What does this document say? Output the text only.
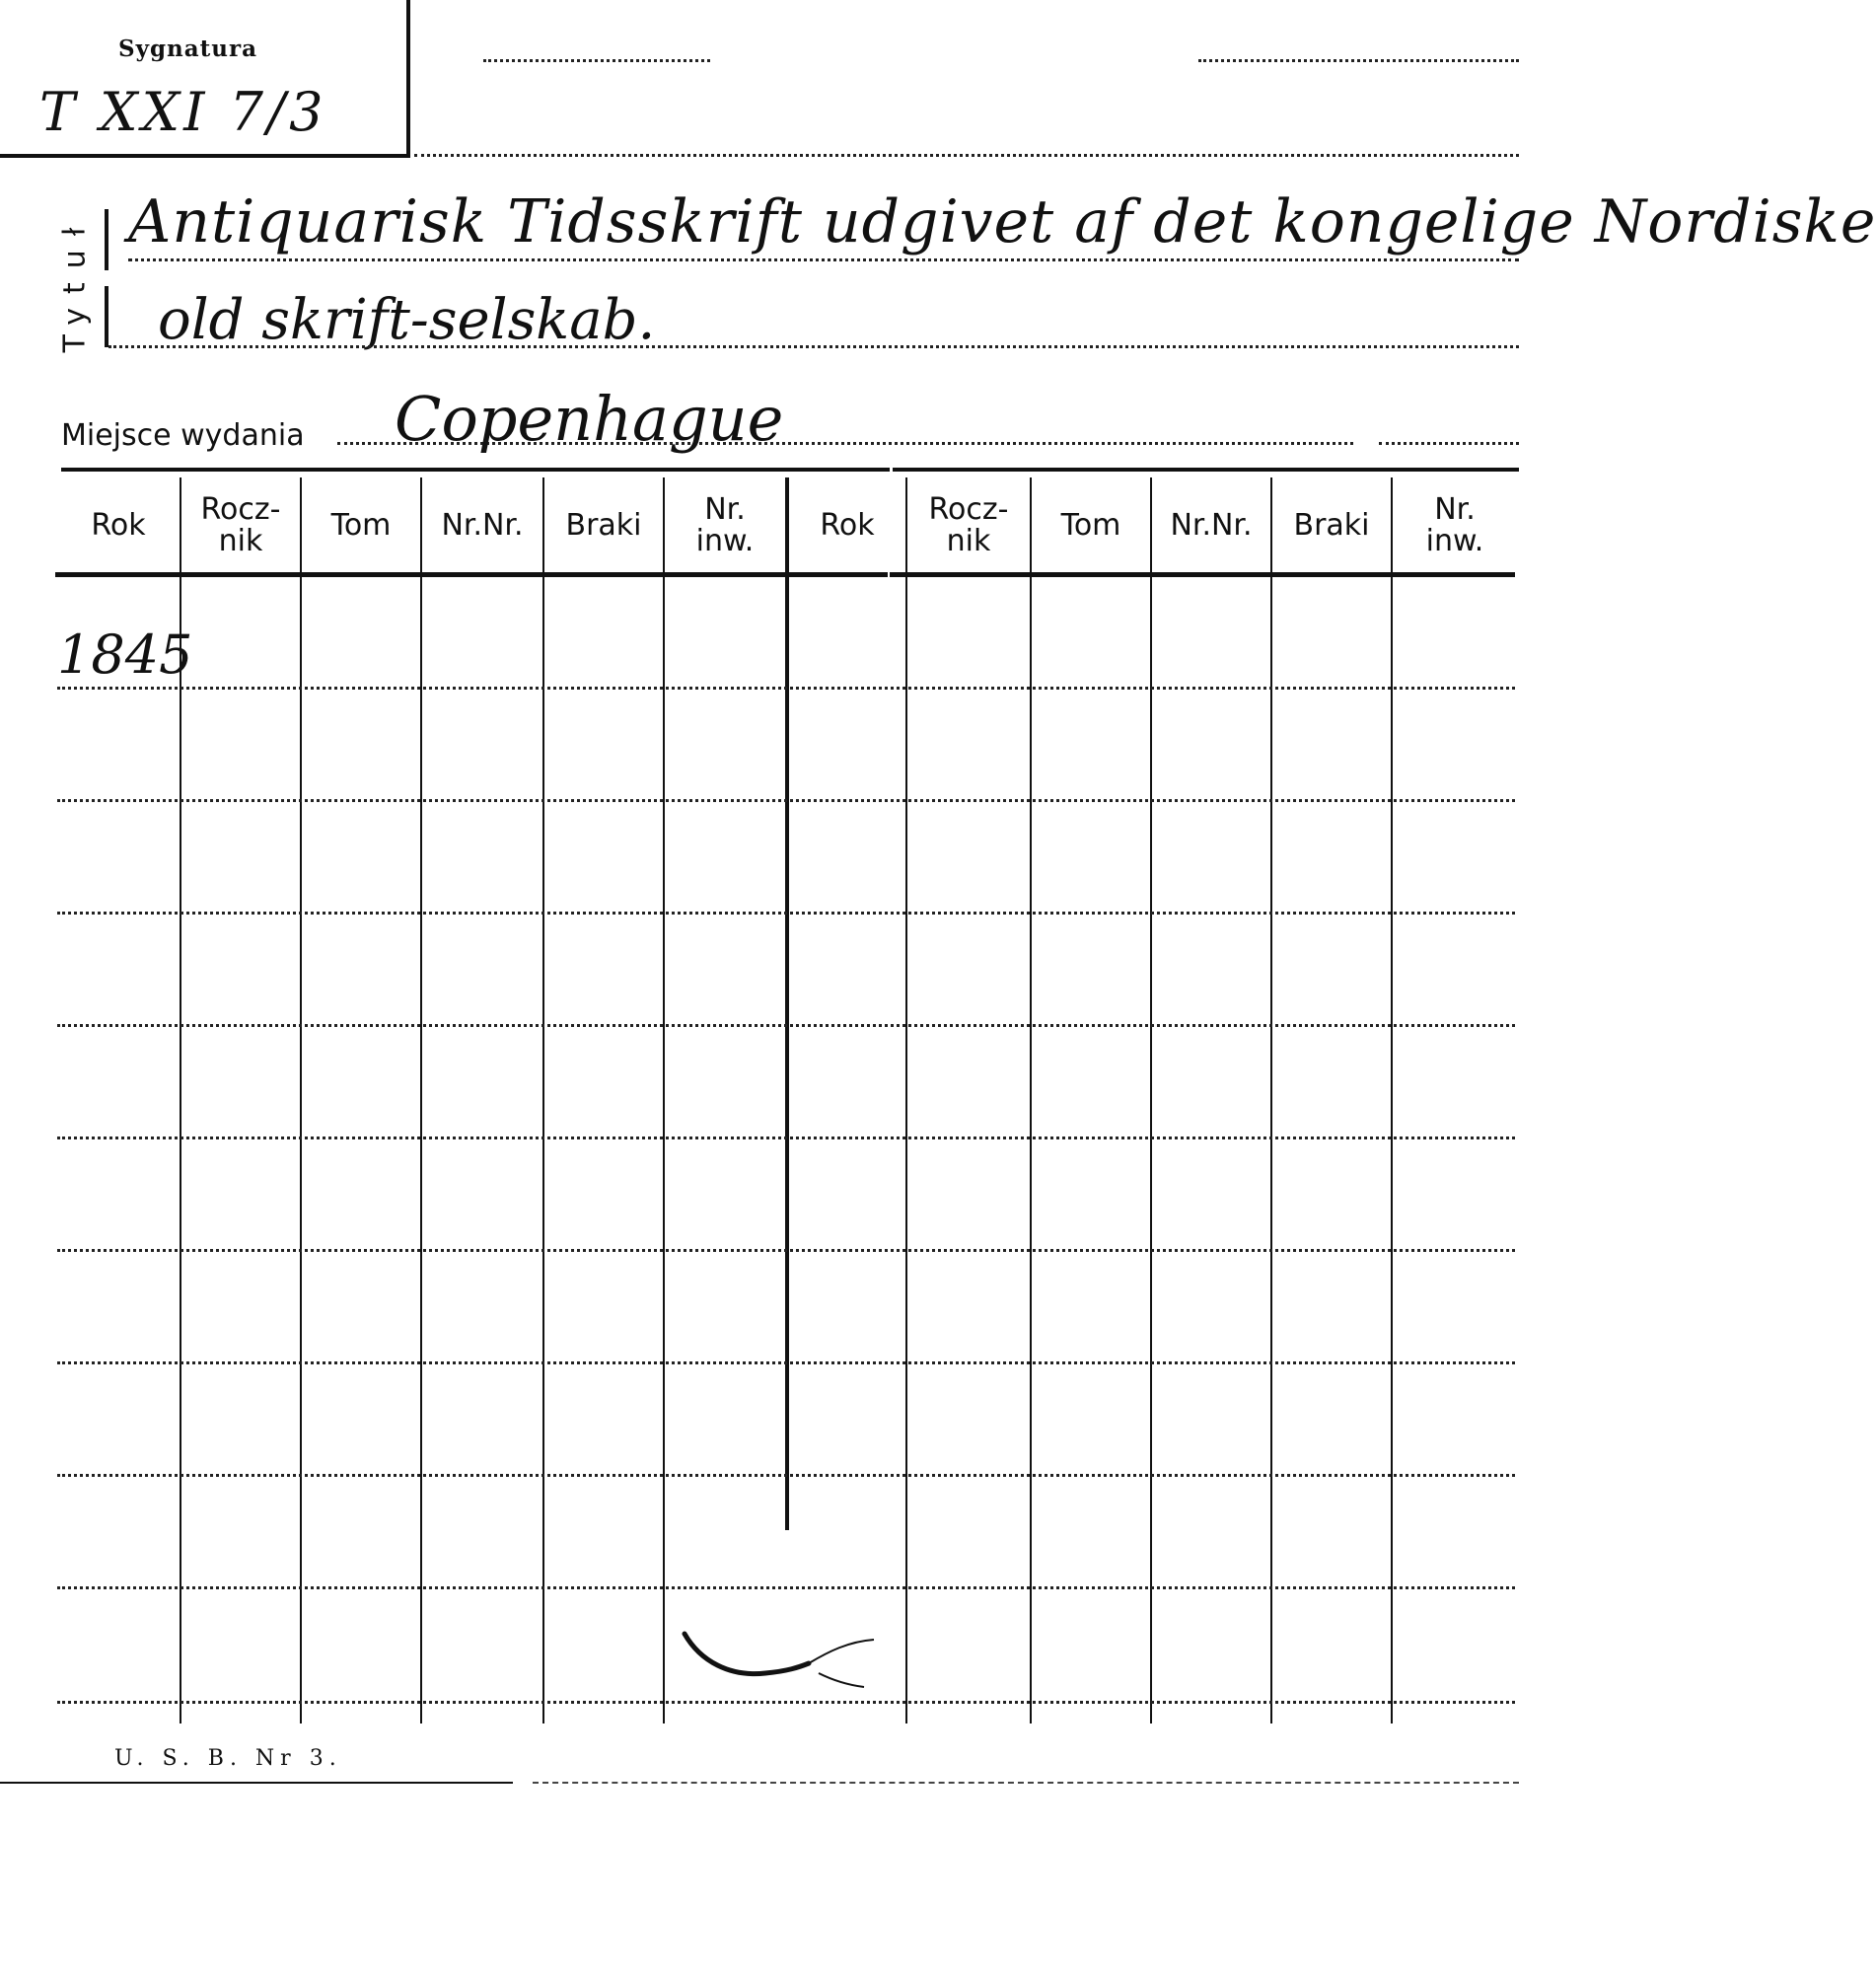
Sygnatura
T XXI 7/3
Tytuł Antiquarisk Tidsskrift udgivet af det kongelige Nordiske
old skrift-selskab.
Miejsce wydania Copenhague
Rok	Rocz-
nik	Tom	Nr.Nr.	Braki	Nr.
inw.	Rok	Rocz-
nik	Tom	Nr.Nr.	Braki	Nr.
inw.
1845
U. S. B. Nr 3.
